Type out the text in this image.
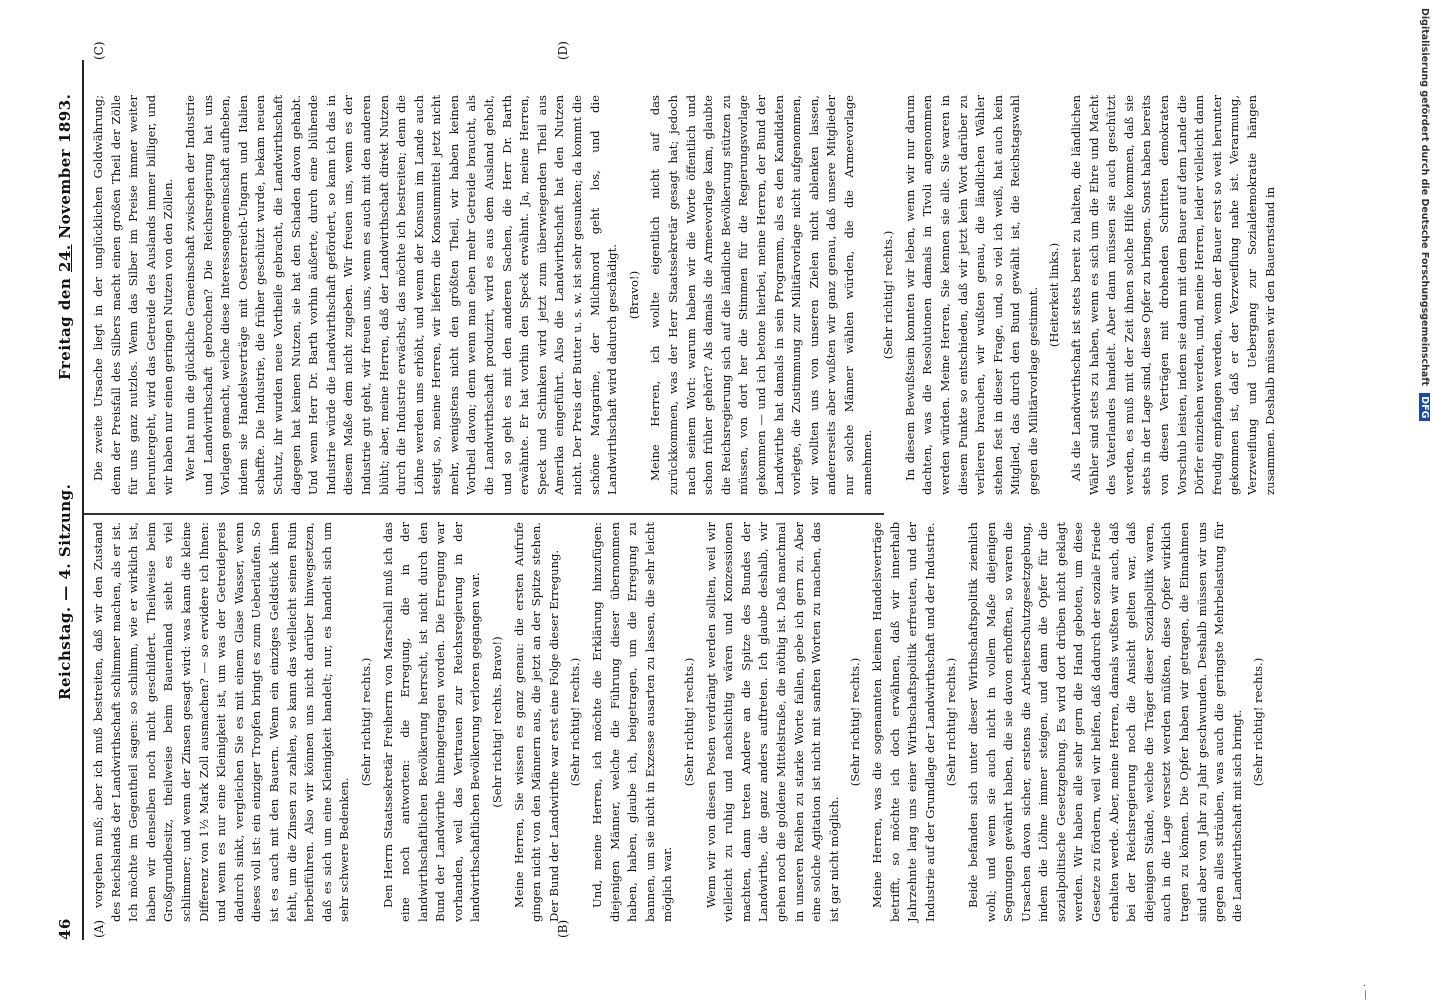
46
Reichstag. — 4. Sitzung.
Freitag den 24. November 1893.
(A)	(B)
(C)	(D)

vorgehen muß; aber ich muß bestreiten, daß wir den Zustand des Reichslands der Landwirthschaft schlimmer machen, als er ist. Ich möchte im Gegentheil sagen: so schlimm, wie er wirklich ist, haben wir denselben noch nicht geschildert. Theilweise beim Großgrundbesitz, theilweise beim Bauernland sieht es viel schlimmer; und wenn der Zinsen gesagt wird: was kann die kleine Differenz von 1½ Mark Zoll ausmachen? — so erwidere ich Ihnen: und wenn es nur eine Kleinigkeit ist, um was der Getreidepreis dadurch sinkt, vergleichen Sie es mit einem Glase Wasser, wenn dieses voll ist: ein einziger Tropfen bringt es zum Ueberlaufen. So ist es auch mit den Bauern. Wenn ein einziges Geldstück ihnen fehlt, um die Zinsen zu zahlen, so kann das vielleicht seinen Ruin herbeiführen. Also wir können uns nicht darüber hinwegsetzen, daß es sich um eine Kleinigkeit handelt; nur, es handelt sich um sehr schwere Bedenken.

(Sehr richtig! rechts.) Den Herrn Staatssekretär Freiherrn von Marschall muß ich das eine noch antworten: die Erregung, die in der landwirthschaftlichen Bevölkerung herrscht, ist nicht durch den Bund der Landwirthe hineingetragen worden. Die Erregung war vorhanden, weil das Vertrauen zur Reichsregierung in der landwirthschaftlichen Bevölkerung verloren gegangen war. (Sehr richtig! rechts. Bravo!) Meine Herren, Sie wissen es ganz genau: die ersten Aufrufe gingen nicht von den Männern aus, die jetzt an der Spitze stehen. Der Bund der Landwirthe war erst eine Folge dieser Erregung. (Sehr richtig! rechts.) Und, meine Herren, ich möchte die Erklärung hinzufügen: diejenigen Männer, welche die Führung dieser übernommen haben, haben, glaube ich, beigetragen, um die Erregung zu bannen, um sie nicht in Exzesse ausarten zu lassen, die sehr leicht möglich war.

(Sehr richtig! rechts.) Wenn wir von diesen Posten verdrängt werden sollten, weil wir vielleicht zu ruhig und nachsichtig wären und Konzessionen machten, dann treten Andere an die Spitze des Bundes der Landwirthe, die ganz anders auftreten. Ich glaube deshalb, wir gehen noch die goldene Mittelstraße, die nöthig ist. Daß manchmal in unseren Reihen zu starke Worte fallen, gebe ich gern zu. Aber eine solche Agitation ist nicht mit sanften Worten zu machen, das ist gar nicht möglich.

(Sehr richtig! rechts.) Meine Herren, was die sogenannten kleinen Handelsverträge betrifft, so möchte ich doch erwähnen, daß wir innerhalb Jahrzehnte lang uns einer Wirthschaftspolitik erfreuten, und der Industrie auf der Grundlage der Landwirthschaft und der Industrie. (Sehr richtig! rechts.) Beide befanden sich unter dieser Wirthschaftspolitik ziemlich wohl; und wenn sie auch nicht in vollem Maße diejenigen Segnungen gewährt haben, die sie davon erhofften, so waren die Ursachen davon sicher, erstens die Arbeiterschutzgesetzgebung, indem die Löhne immer steigen, und dann die Opfer für die sozialpolitische Gesetzgebung. Es wird dort drüben nicht geklagt werden. Wir haben alle sehr gern die Hand geboten, um diese Gesetze zu fördern, weil wir helfen, daß dadurch der soziale Friede erhalten werde. Aber, meine Herren, damals wußten wir auch, daß bei der Reichsregierung noch die Ansicht gelten war, daß diejenigen Stände, welche die Träger dieser Sozialpolitik waren, auch in die Lage versetzt werden müßten, diese Opfer wirklich tragen zu können. Die Opfer haben wir getragen, die Einnahmen sind aber von Jahr zu Jahr geschwunden. Deshalb müssen wir uns gegen alles sträuben, was auch die geringste Mehrbelastung für die Landwirthschaft mit sich bringt. (Sehr richtig! rechts.)

Die zweite Ursache liegt in der unglücklichen Goldwährung; denn der Preisfall des Silbers macht einen großen Theil der Zölle für uns ganz nutzlos. Wenn das Silber im Preise immer weiter heruntergeht, wird das Getreide des Auslands immer billiger, und wir haben nur einen geringen Nutzen von den Zöllen. Wer hat nun die glückliche Gemeinschaft zwischen der Industrie und Landwirthschaft gebrochen? Die Reichsregierung hat uns Vorlagen gemacht, welche diese Interessengemeinschaft aufheben, indem sie Handelsverträge mit Oesterreich-Ungarn und Italien schaffte. Die Industrie, die früher geschützt wurde, bekam neuen Schutz, ihr wurden neue Vortheile gebracht, die Landwirthschaft dagegen hat keinen Nutzen, sie hat den Schaden davon gehabt. Und wenn Herr Dr. Barth vorhin äußerte, durch eine blühende Industrie würde die Landwirthschaft gefördert, so kann ich das in diesem Maße dem nicht zugeben. Wir freuen uns, wenn es der Industrie gut geht, wir freuen uns, wenn es auch mit den anderen blüht; aber, meine Herren, daß der Landwirthschaft direkt Nutzen durch die Industrie erwächst, das möchte ich bestreiten; denn die Löhne werden uns erhöht, und wenn der Konsum im Lande auch steigt, so, meine Herren, wir liefern die Konsummittel jetzt nicht mehr, wenigstens nicht den größten Theil, wir haben keinen Vortheil davon; denn wenn man eben mehr Getreide braucht, als die Landwirthschaft produzirt, wird es aus dem Ausland geholt, und so geht es mit den anderen Sachen, die Herr Dr. Barth erwähnte. Er hat vorhin den Speck erwähnt. Ja, meine Herren, Speck und Schinken wird jetzt zum überwiegenden Theil aus Amerika eingeführt. Also die Landwirthschaft hat den Nutzen nicht. Der Preis der Butter u. s. w. ist sehr gesunken; da kommt die schöne Margarine, der Milchmord geht los, und die Landwirthschaft wird dadurch geschädigt. (Bravo!) Meine Herren, ich wollte eigentlich nicht auf das zurückkommen, was der Herr Staatssekretär gesagt hat; jedoch nach seinem Wort: warum haben wir die Worte öffentlich und schon früher gehört? Als damals die Armeevorlage kam, glaubte die Reichsregierung sich auf die ländliche Bevölkerung stützen zu müssen, von dort her die Stimmen für die Regierungsvorlage gekommen — und ich betone hierbei, meine Herren, der Bund der Landwirthe hat damals in sein Programm, als es den Kandidaten vorlegte, die Zustimmung zur Militärvorlage nicht aufgenommen, wir wollten uns von unseren Zielen nicht ablenken lassen, andererseits aber wußten wir ganz genau, daß unsere Mitglieder nur solche Männer wählen würden, die die Armeevorlage annehmen.

(Sehr richtig! rechts.) In diesem Bewußtsein konnten wir leben, wenn wir nur darum dachten, was die Resolutionen damals in Tivoli angenommen werden würden. Meine Herren, Sie kennen sie alle. Sie waren in diesem Punkte so entschieden, daß wir jetzt kein Wort darüber zu verlieren brauchen, wir wußten genau, die ländlichen Wähler stehen fest in dieser Frage, und, so viel ich weiß, hat auch kein Mitglied, das durch den Bund gewählt ist, die Reichstagswahl gegen die Militärvorlage gestimmt. (Heiterkeit links.) Als die Landwirthschaft ist stets bereit zu halten, die ländlichen Wähler sind stets zu haben, wenn es sich um die Ehre und Macht des Vaterlandes handelt. Aber dann müssen sie auch geschützt werden, es muß mit der Zeit ihnen solche Hilfe kommen, daß sie stets in der Lage sind, diese Opfer zu bringen. Sonst haben bereits von diesen Verträgen mit drohenden Schritten demokraten Vorschub leisten, indem sie dann mit dem Bauer auf dem Lande die Dörfer einziehen werden, und, meine Herren, leider vielleicht dann freudig empfangen werden, wenn der Bauer erst so weit herunter gekommen ist, daß er der Verzweiflung nahe ist. Verarmung, Verzweiflung und Uebergang zur Sozialdemokratie hängen zusammen. Deshalb müssen wir den Bauernstand in

— ·
Digitalisierung gefördert durch die Deutsche Forschungsgemeinschaft DFG
